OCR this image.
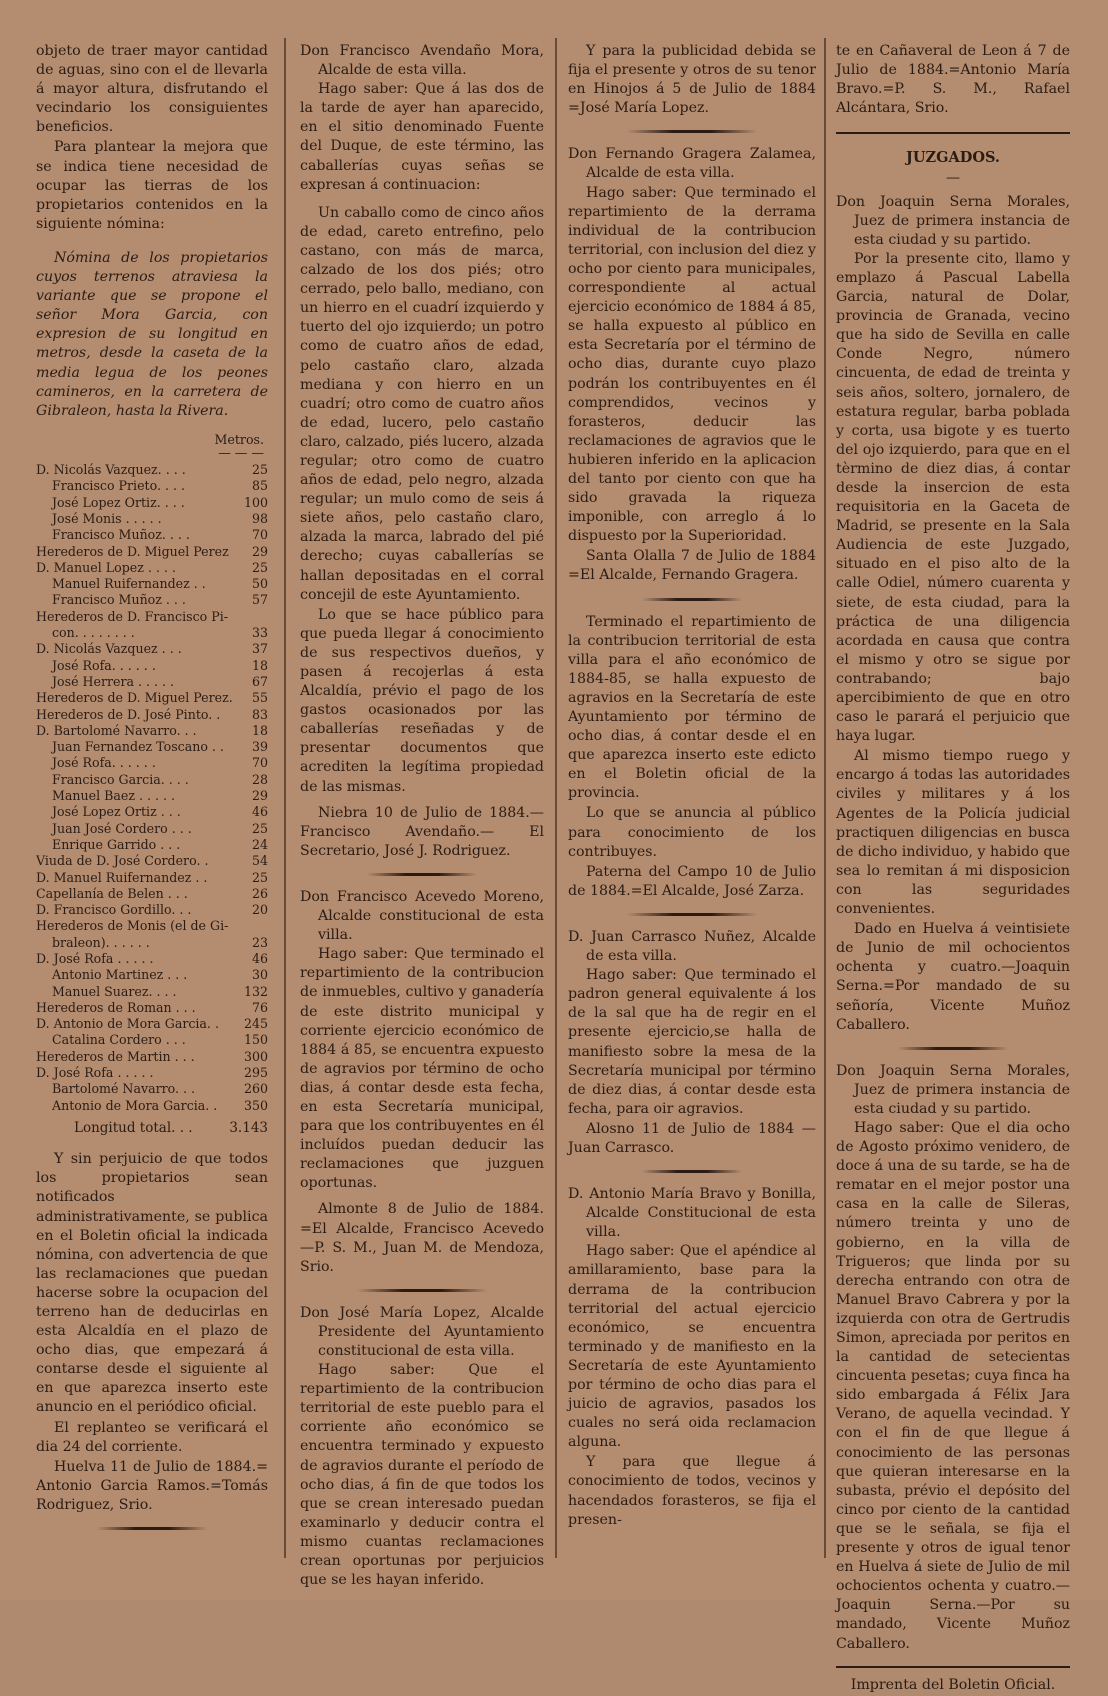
objeto de traer mayor cantidad de aguas, sino con el de llevarla á mayor altura, disfrutando el vecindario los consiguientes beneficios.

Para plantear la mejora que se indica tiene necesidad de ocupar las tierras de los propietarios contenidos en la siguiente nómina:

Nómina de los propietarios cuyos terrenos atraviesa la variante que se propone el señor Mora Garcia, con expresion de su longitud en metros, desde la caseta de la media legua de los peones camineros, en la carretera de Gibraleon, hasta la Rivera.

Metros.
— — —
D. Nicolás Vazquez. . . .	25
Francisco Prieto. . . .	85
José Lopez Ortiz. . . .	100
José Monis . . . . .	98
Francisco Muñoz. . . .	70
Herederos de D. Miguel Perez	29
D. Manuel Lopez . . . .	25
Manuel Ruifernandez . .	50
Francisco Muñoz . . .	57
Herederos de D. Francisco Pi-
con. . . . . . . .	33
D. Nicolás Vazquez . . .	37
José Rofa. . . . . .	18
José Herrera . . . . .	67
Herederos de D. Miguel Perez.	55
Herederos de D. José Pinto. .	83
D. Bartolomé Navarro. . .	18
Juan Fernandez Toscano . .	39
José Rofa. . . . . .	70
Francisco Garcia. . . .	28
Manuel Baez . . . . .	29
José Lopez Ortiz . . .	46
Juan José Cordero . . .	25
Enrique Garrido . . .	24
Viuda de D. José Cordero. .	54
D. Manuel Ruifernandez . .	25
Capellanía de Belen . . .	26
D. Francisco Gordillo. . .	20
Herederos de Monis (el de Gi-
braleon). . . . . .	23
D. José Rofa . . . . .	46
Antonio Martinez . . .	30
Manuel Suarez. . . .	132
Herederos de Roman . . .	76
D. Antonio de Mora Garcia. .	245
Catalina Cordero . . .	150
Herederos de Martin . . .	300
D. José Rofa . . . . .	295
Bartolomé Navarro. . .	260
Antonio de Mora Garcia. .	350
Longitud total. . .	3.143

Y sin perjuicio de que todos los propietarios sean notificados administrativamente, se publica en el Boletin oficial la indicada nómina, con advertencia de que las reclamaciones que puedan hacerse sobre la ocupacion del terreno han de deducirlas en esta Alcaldía en el plazo de ocho dias, que empezará á contarse desde el siguiente al en que aparezca inserto este anuncio en el periódico oficial.

El replanteo se verificará el dia 24 del corriente.

Huelva 11 de Julio de 1884.= Antonio Garcia Ramos.=Tomás Rodriguez, Srio.

Don Francisco Avendaño Mora, Alcalde de esta villa.

Hago saber: Que á las dos de la tarde de ayer han aparecido, en el sitio denominado Fuente del Duque, de este término, las caballerías cuyas señas se expresan á continuacion:

Un caballo como de cinco años de edad, careto entrefino, pelo castano, con más de marca, calzado de los dos piés; otro cerrado, pelo ballo, mediano, con un hierro en el cuadrí izquierdo y tuerto del ojo izquierdo; un potro como de cuatro años de edad, pelo castaño claro, alzada mediana y con hierro en un cuadrí; otro como de cuatro años de edad, lucero, pelo castaño claro, calzado, piés lucero, alzada regular; otro como de cuatro años de edad, pelo negro, alzada regular; un mulo como de seis á siete años, pelo castaño claro, alzada la marca, labrado del pié derecho; cuyas caballerías se hallan depositadas en el corral concejil de este Ayuntamiento.

Lo que se hace público para que pueda llegar á conocimiento de sus respectivos dueños, y pasen á recojerlas á esta Alcaldía, prévio el pago de los gastos ocasionados por las caballerías reseñadas y de presentar documentos que acrediten la legítima propiedad de las mismas.

Niebra 10 de Julio de 1884.— Francisco Avendaño.— El Secretario, José J. Rodriguez.

Don Francisco Acevedo Moreno, Alcalde constitucional de esta villa.

Hago saber: Que terminado el repartimiento de la contribucion de inmuebles, cultivo y ganadería de este distrito municipal y corriente ejercicio económico de 1884 á 85, se encuentra expuesto de agravios por término de ocho dias, á contar desde esta fecha, en esta Secretaría municipal, para que los contribuyentes en él incluídos puedan deducir las reclamaciones que juzguen oportunas.

Almonte 8 de Julio de 1884. =El Alcalde, Francisco Acevedo —P. S. M., Juan M. de Mendoza, Srio.

Don José María Lopez, Alcalde Presidente del Ayuntamiento constitucional de esta villa.

Hago saber: Que el repartimiento de la contribucion territorial de este pueblo para el corriente año económico se encuentra terminado y expuesto de agravios durante el período de ocho dias, á fin de que todos los que se crean interesado puedan examinarlo y deducir contra el mismo cuantas reclamaciones crean oportunas por perjuicios que se les hayan inferido.

Y para la publicidad debida se fija el presente y otros de su tenor en Hinojos á 5 de Julio de 1884 =José María Lopez.

Don Fernando Gragera Zalamea, Alcalde de esta villa.

Hago saber: Que terminado el repartimiento de la derrama individual de la contribucion territorial, con inclusion del diez y ocho por ciento para municipales, correspondiente al actual ejercicio económico de 1884 á 85, se halla expuesto al público en esta Secretaría por el término de ocho dias, durante cuyo plazo podrán los contribuyentes en él comprendidos, vecinos y forasteros, deducir las reclamaciones de agravios que le hubieren inferido en la aplicacion del tanto por ciento con que ha sido gravada la riqueza imponible, con arreglo á lo dispuesto por la Superioridad.

Santa Olalla 7 de Julio de 1884 =El Alcalde, Fernando Gragera.

Terminado el repartimiento de la contribucion territorial de esta villa para el año económico de 1884-85, se halla expuesto de agravios en la Secretaría de este Ayuntamiento por término de ocho dias, á contar desde el en que aparezca inserto este edicto en el Boletin oficial de la provincia.

Lo que se anuncia al público para conocimiento de los contribuyes.

Paterna del Campo 10 de Julio de 1884.=El Alcalde, José Zarza.

D. Juan Carrasco Nuñez, Alcalde de esta villa.

Hago saber: Que terminado el padron general equivalente á los de la sal que ha de regir en el presente ejercicio,se halla de manifiesto sobre la mesa de la Secretaría municipal por término de diez dias, á contar desde esta fecha, para oir agravios.

Alosno 11 de Julio de 1884 — Juan Carrasco.

D. Antonio María Bravo y Bonilla, Alcalde Constitucional de esta villa.

Hago saber: Que el apéndice al amillaramiento, base para la derrama de la contribucion territorial del actual ejercicio económico, se encuentra terminado y de manifiesto en la Secretaría de este Ayuntamiento por término de ocho dias para el juicio de agravios, pasados los cuales no será oida reclamacion alguna.

Y para que llegue á conocimiento de todos, vecinos y hacendados forasteros, se fija el presen-

te en Cañaveral de Leon á 7 de Julio de 1884.=Antonio María Bravo.=P. S. M., Rafael Alcántara, Srio.

JUZGADOS.
—

Don Joaquin Serna Morales, Juez de primera instancia de esta ciudad y su partido.

Por la presente cito, llamo y emplazo á Pascual Labella Garcia, natural de Dolar, provincia de Granada, vecino que ha sido de Sevilla en calle Conde Negro, número cincuenta, de edad de treinta y seis años, soltero, jornalero, de estatura regular, barba poblada y corta, usa bigote y es tuerto del ojo izquierdo, para que en el tèrmino de diez dias, á contar desde la insercion de esta requisitoria en la Gaceta de Madrid, se presente en la Sala Audiencia de este Juzgado, situado en el piso alto de la calle Odiel, número cuarenta y siete, de esta ciudad, para la práctica de una diligencia acordada en causa que contra el mismo y otro se sigue por contrabando; bajo apercibimiento de que en otro caso le parará el perjuicio que haya lugar.

Al mismo tiempo ruego y encargo á todas las autoridades civiles y militares y á los Agentes de la Policía judicial practiquen diligencias en busca de dicho individuo, y habido que sea lo remitan á mi disposicion con las seguridades convenientes.

Dado en Huelva á veintisiete de Junio de mil ochocientos ochenta y cuatro.—Joaquin Serna.=Por mandado de su señoría, Vicente Muñoz Caballero.

Don Joaquin Serna Morales, Juez de primera instancia de esta ciudad y su partido.

Hago saber: Que el dia ocho de Agosto próximo venidero, de doce á una de su tarde, se ha de rematar en el mejor postor una casa en la calle de Sileras, número treinta y uno de gobierno, en la villa de Trigueros; que linda por su derecha entrando con otra de Manuel Bravo Cabrera y por la izquierda con otra de Gertrudis Simon, apreciada por peritos en la cantidad de setecientas cincuenta pesetas; cuya finca ha sido embargada á Félix Jara Verano, de aquella vecindad. Y con el fin de que llegue á conocimiento de las personas que quieran interesarse en la subasta, prévio el depósito del cinco por ciento de la cantidad que se le señala, se fija el presente y otros de igual tenor en Huelva á siete de Julio de mil ochocientos ochenta y cuatro.—Joaquin Serna.—Por su mandado, Vicente Muñoz Caballero.

Imprenta del Boletin Oficial.
